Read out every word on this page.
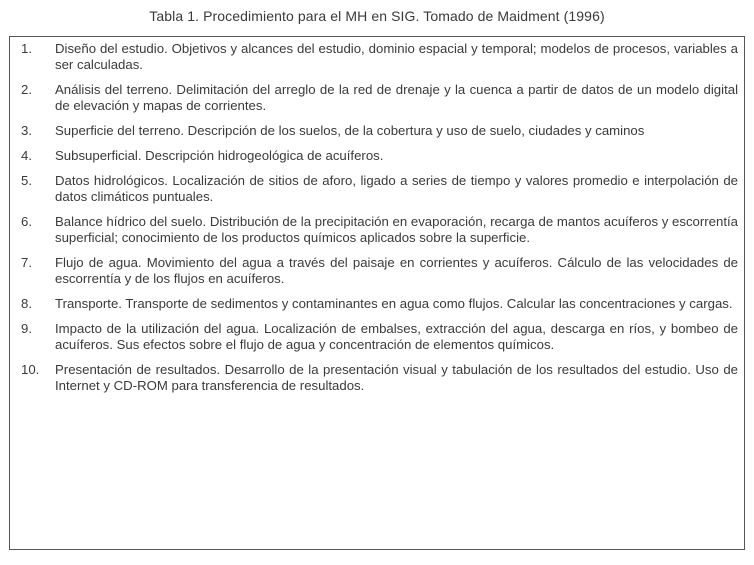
Tabla 1. Procedimiento para el MH en SIG. Tomado de Maidment (1996)
1.	Diseño del estudio. Objetivos y alcances del estudio, dominio espacial y temporal; modelos de procesos, variables a ser calculadas.
2.	Análisis del terreno. Delimitación del arreglo de la red de drenaje y la cuenca a partir de datos de un modelo digital de elevación y mapas de corrientes.
3.	Superficie del terreno. Descripción de los suelos, de la cobertura y uso de suelo, ciudades y caminos
4.	Subsuperficial. Descripción hidrogeológica de acuíferos.
5.	Datos hidrológicos. Localización de sitios de aforo, ligado a series de tiempo y valores promedio e interpolación de datos climáticos puntuales.
6.	Balance hídrico del suelo. Distribución de la precipitación en evaporación, recarga de mantos acuíferos y escorrentía superficial; conocimiento de los productos químicos aplicados sobre la superficie.
7.	Flujo de agua. Movimiento del agua a través del paisaje en corrientes y acuíferos. Cálculo de las velocidades de escorrentía y de los flujos en acuíferos.
8.	Transporte. Transporte de sedimentos y contaminantes en agua como flujos. Calcular las concentraciones y cargas.
9.	Impacto de la utilización del agua. Localización de embalses, extracción del agua, descarga en ríos, y bombeo de acuíferos. Sus efectos sobre el flujo de agua y concentración de elementos químicos.
10.	Presentación de resultados. Desarrollo de la presentación visual y tabulación de los resultados del estudio. Uso de Internet y CD-ROM para transferencia de resultados.
